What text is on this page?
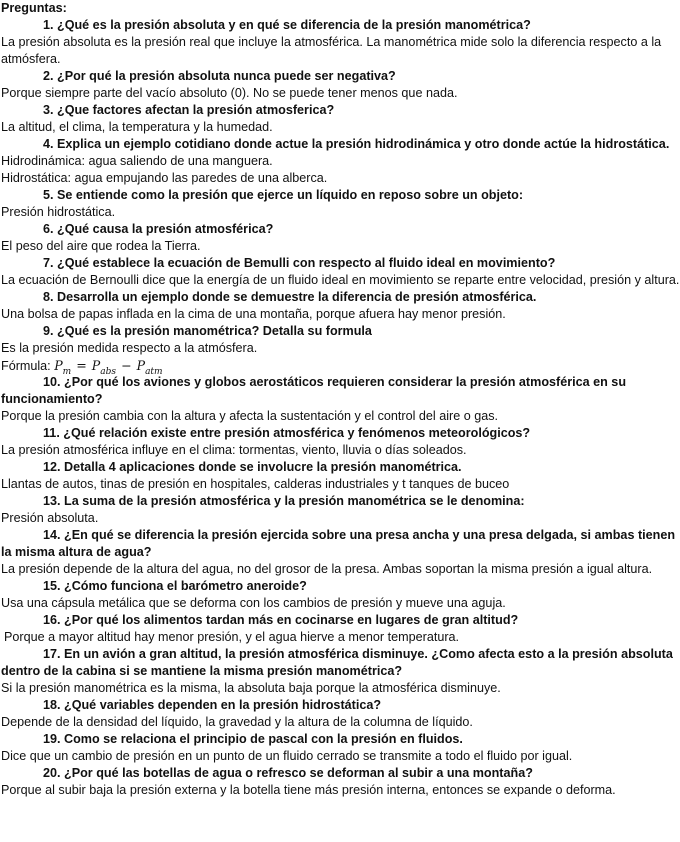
Preguntas:

1. ¿Qué es la presión absoluta y en qué se diferencia de la presión manométrica?

La presión absoluta es la presión real que incluye la atmosférica. La manométrica mide solo la diferencia respecto a la atmósfera.

2. ¿Por qué la presión absoluta nunca puede ser negativa?

Porque siempre parte del vacío absoluto (0). No se puede tener menos que nada.

3. ¿Que factores afectan la presión atmosferica?

La altitud, el clima, la temperatura y la humedad.

4. Explica un ejemplo cotidiano donde actue la presión hidrodinámica y otro donde actúe la hidrostática.

Hidrodinámica: agua saliendo de una manguera.

Hidrostática: agua empujando las paredes de una alberca.

5. Se entiende como la presión que ejerce un líquido en reposo sobre un objeto:

Presión hidrostática.

6. ¿Qué causa la presión atmosférica?

El peso del aire que rodea la Tierra.

7. ¿Qué establece la ecuación de Bemulli con respecto al fluido ideal en movimiento?

La ecuación de Bernoulli dice que la energía de un fluido ideal en movimiento se reparte entre velocidad, presión y altura.

8. Desarrolla un ejemplo donde se demuestre la diferencia de presión atmosférica.

Una bolsa de papas inflada en la cima de una montaña, porque afuera hay menor presión.

9. ¿Qué es la presión manométrica? Detalla su formula

Es la presión medida respecto a la atmósfera.

Fórmula: $P_m = P_{abs} - P_{atm}$

10. ¿Por qué los aviones y globos aerostáticos requieren considerar la presión atmosférica en su funcionamiento?

Porque la presión cambia con la altura y afecta la sustentación y el control del aire o gas.

11. ¿Qué relación existe entre presión atmosférica y fenómenos meteorológicos?

La presión atmosférica influye en el clima: tormentas, viento, lluvia o días soleados.

12. Detalla 4 aplicaciones donde se involucre la presión manométrica.

Llantas de autos, tinas de presión en hospitales, calderas industriales y t tanques de buceo

13. La suma de la presión atmosférica y la presión manométrica se le denomina:

Presión absoluta.

14. ¿En qué se diferencia la presión ejercida sobre una presa ancha y una presa delgada, si ambas tienen la misma altura de agua?

La presión depende de la altura del agua, no del grosor de la presa. Ambas soportan la misma presión a igual altura.

15. ¿Cómo funciona el barómetro aneroide?

Usa una cápsula metálica que se deforma con los cambios de presión y mueve una aguja.

16. ¿Por qué los alimentos tardan más en cocinarse en lugares de gran altitud?

Porque a mayor altitud hay menor presión, y el agua hierve a menor temperatura.

17. En un avión a gran altitud, la presión atmosférica disminuye. ¿Como afecta esto a la presión absoluta dentro de la cabina si se mantiene la misma presión manométrica?

Si la presión manométrica es la misma, la absoluta baja porque la atmosférica disminuye.

18. ¿Qué variables dependen en la presión hidrostática?

Depende de la densidad del líquido, la gravedad y la altura de la columna de líquido.

19. Como se relaciona el principio de pascal con la presión en fluidos.

Dice que un cambio de presión en un punto de un fluido cerrado se transmite a todo el fluido por igual.

20. ¿Por qué las botellas de agua o refresco se deforman al subir a una montaña?

Porque al subir baja la presión externa y la botella tiene más presión interna, entonces se expande o deforma.
